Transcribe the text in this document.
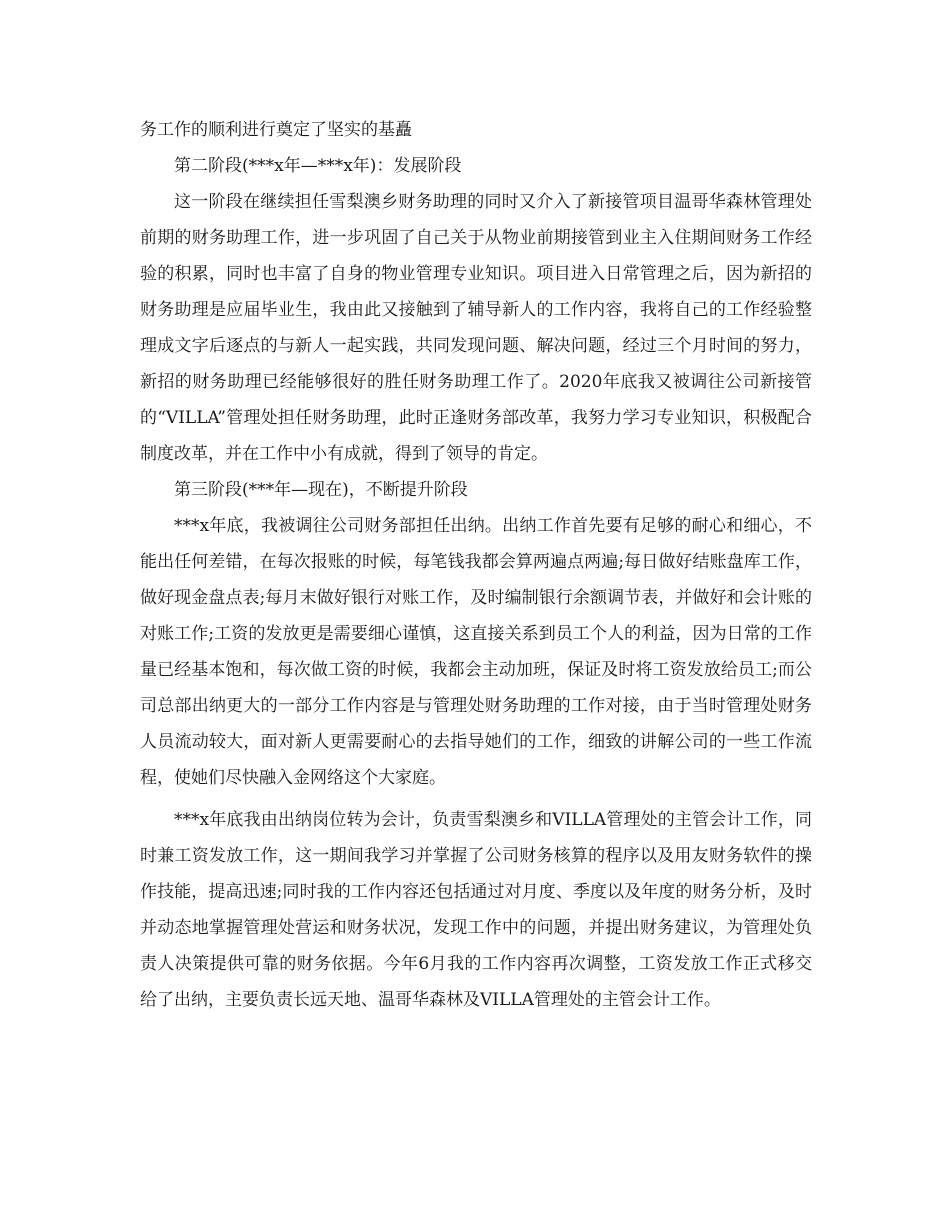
务工作的顺利进行奠定了坚实的基矗

第二阶段(***x年—***x年)：发展阶段

这一阶段在继续担任雪梨澳乡财务助理的同时又介入了新接管项目温哥华森林管理处前期的财务助理工作，进一步巩固了自己关于从物业前期接管到业主入住期间财务工作经验的积累，同时也丰富了自身的物业管理专业知识。项目进入日常管理之后，因为新招的财务助理是应届毕业生，我由此又接触到了辅导新人的工作内容，我将自己的工作经验整理成文字后逐点的与新人一起实践，共同发现问题、解决问题，经过三个月时间的努力，新招的财务助理已经能够很好的胜任财务助理工作了。2020年底我又被调往公司新接管的“VILLA”管理处担任财务助理，此时正逢财务部改革，我努力学习专业知识，积极配合制度改革，并在工作中小有成就，得到了领导的肯定。

第三阶段(***年—现在)，不断提升阶段

***x年底，我被调往公司财务部担任出纳。出纳工作首先要有足够的耐心和细心，不能出任何差错，在每次报账的时候，每笔钱我都会算两遍点两遍;每日做好结账盘库工作，做好现金盘点表;每月末做好银行对账工作，及时编制银行余额调节表，并做好和会计账的对账工作;工资的发放更是需要细心谨慎，这直接关系到员工个人的利益，因为日常的工作量已经基本饱和，每次做工资的时候，我都会主动加班，保证及时将工资发放给员工;而公司总部出纳更大的一部分工作内容是与管理处财务助理的工作对接，由于当时管理处财务人员流动较大，面对新人更需要耐心的去指导她们的工作，细致的讲解公司的一些工作流程，使她们尽快融入金网络这个大家庭。

***x年底我由出纳岗位转为会计，负责雪梨澳乡和VILLA管理处的主管会计工作，同时兼工资发放工作，这一期间我学习并掌握了公司财务核算的程序以及用友财务软件的操作技能，提高迅速;同时我的工作内容还包括通过对月度、季度以及年度的财务分析，及时并动态地掌握管理处营运和财务状况，发现工作中的问题，并提出财务建议，为管理处负责人决策提供可靠的财务依据。今年6月我的工作内容再次调整，工资发放工作正式移交给了出纳，主要负责长远天地、温哥华森林及VILLA管理处的主管会计工作。
